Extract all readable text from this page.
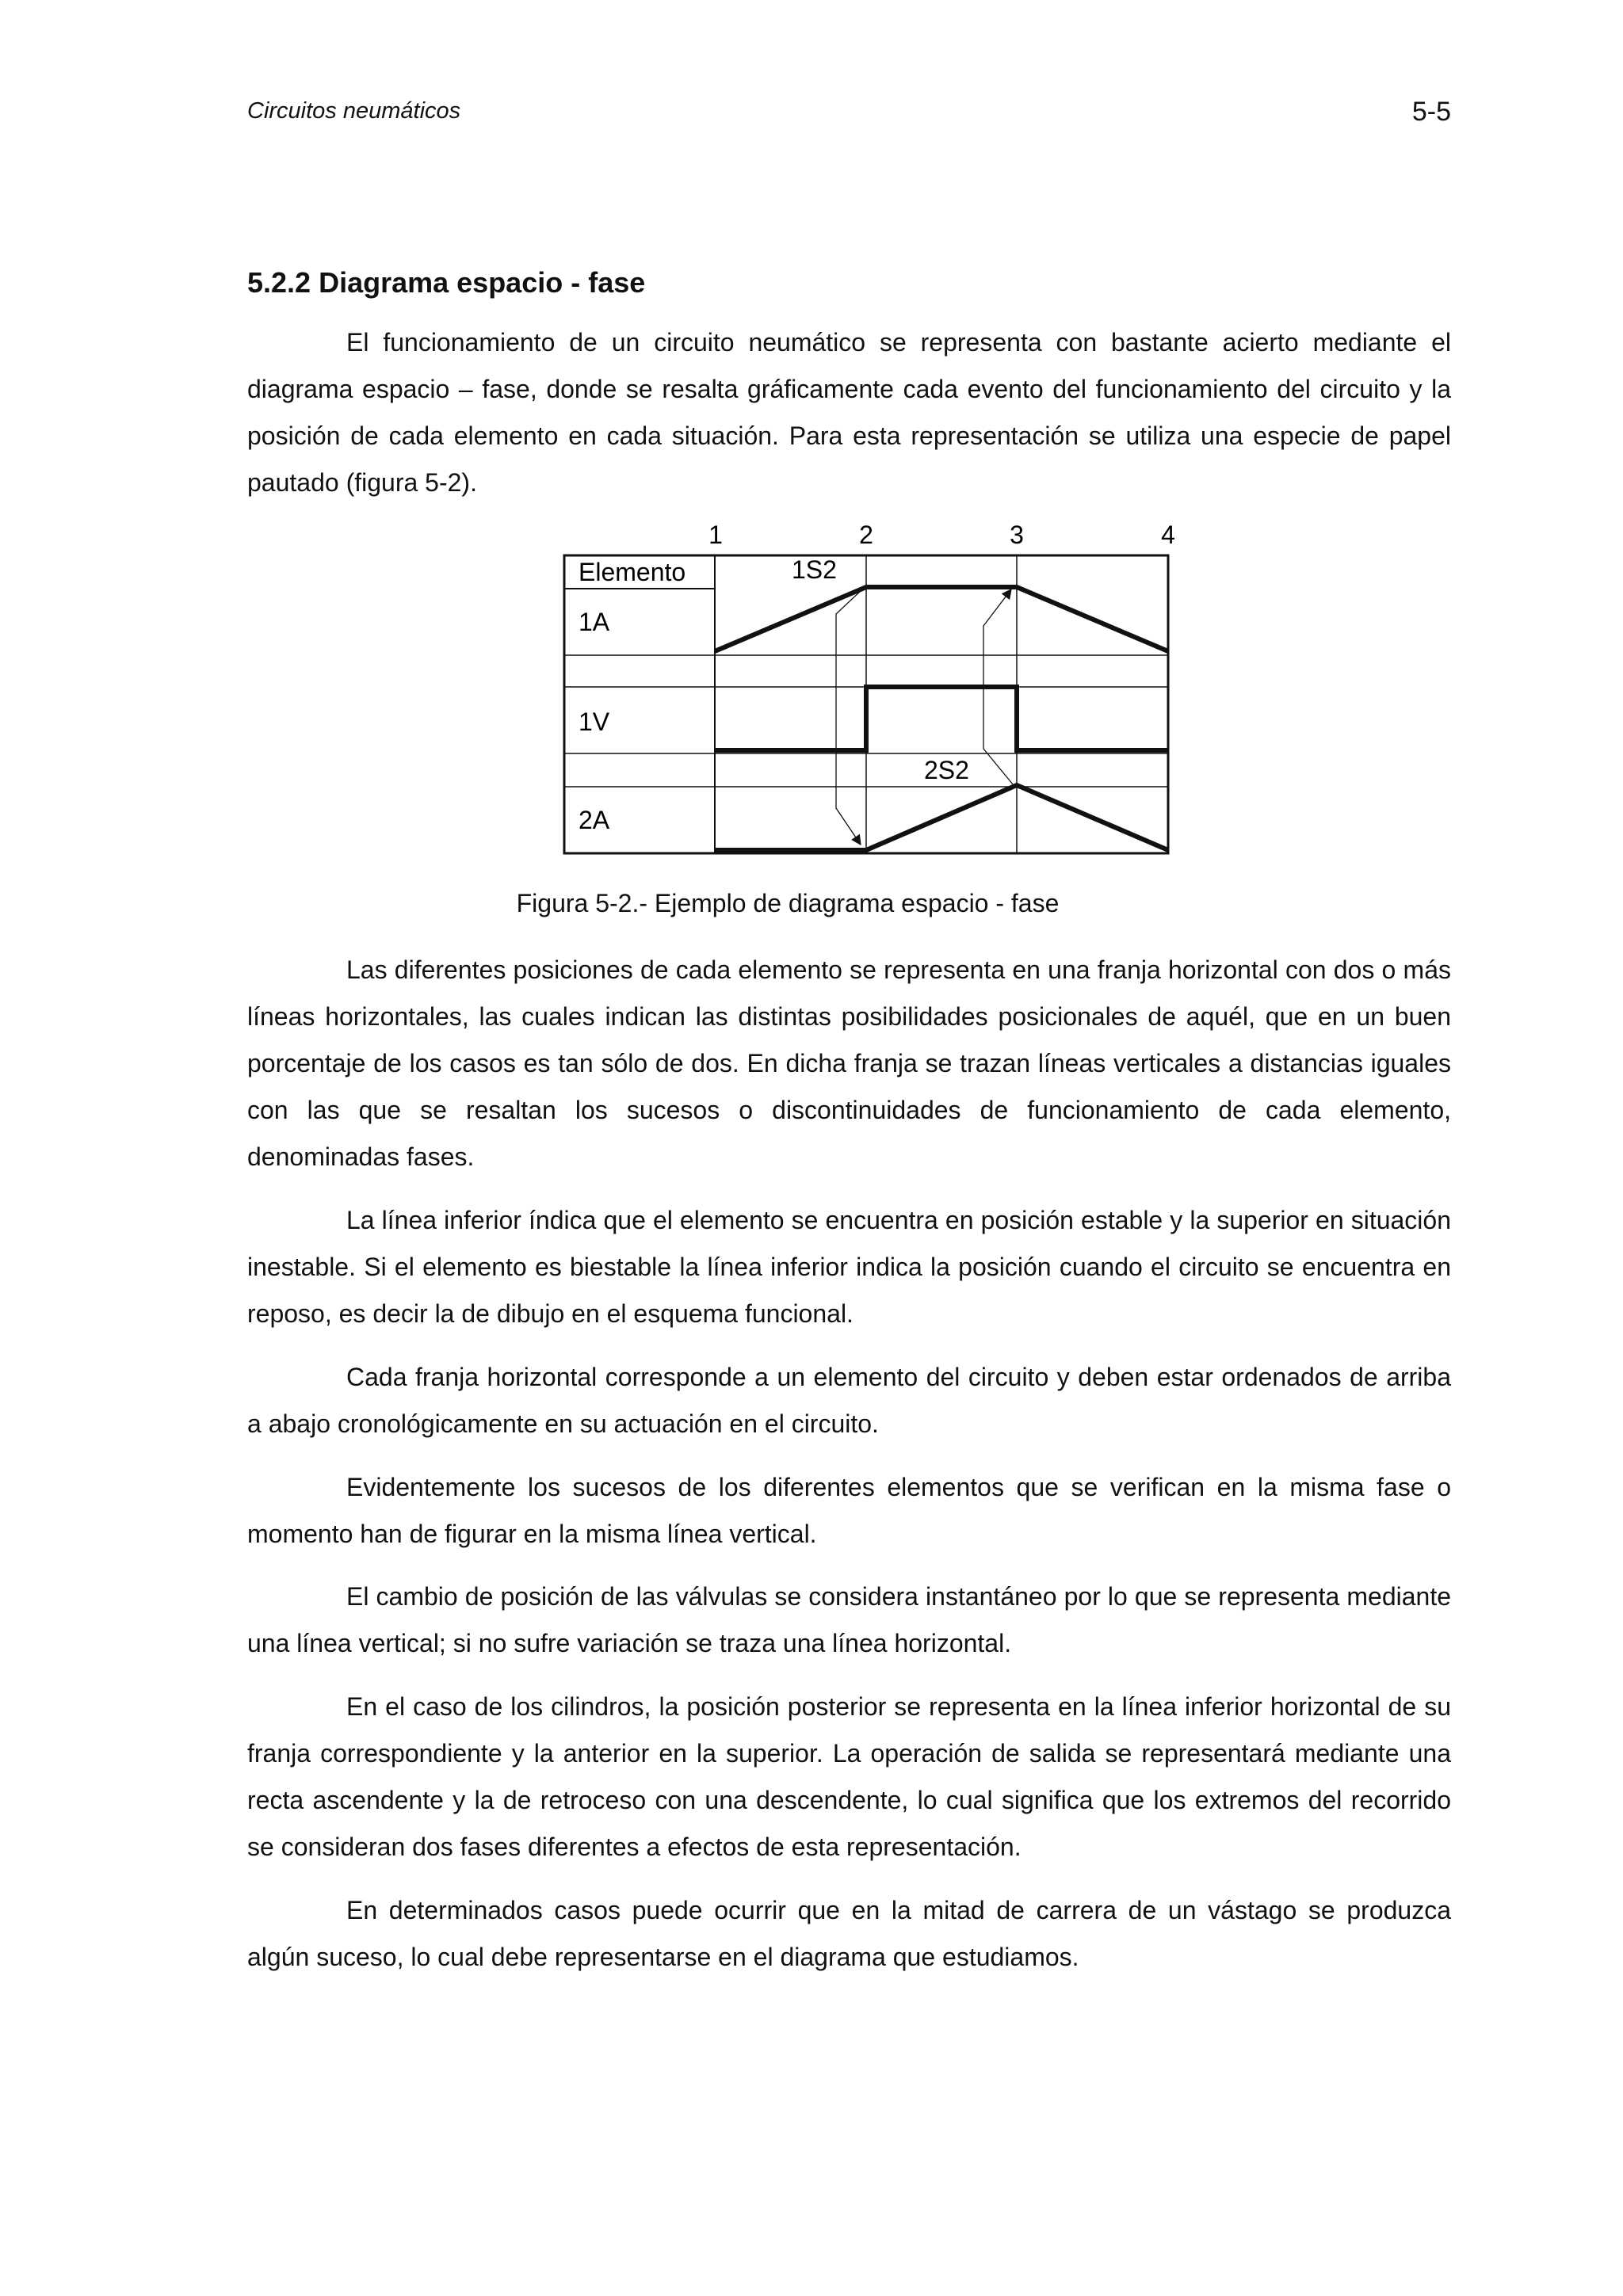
Circuitos neumáticos	5-5
5.2.2 Diagrama espacio - fase

El funcionamiento de un circuito neumático se representa con bastante acierto mediante el diagrama espacio – fase, donde se resalta gráficamente cada evento del funcionamiento del circuito y la posición de cada elemento en cada situación. Para esta representación se utiliza una especie de papel pautado (figura 5-2).

1	2	3	4
Elemento
1A
1V
2A
1S2
2S2
Figura 5-2.- Ejemplo de diagrama espacio - fase

Las diferentes posiciones de cada elemento se representa en una franja horizontal con dos o más líneas horizontales, las cuales indican las distintas posibilidades posicionales de aquél, que en un buen porcentaje de los casos es tan sólo de dos. En dicha franja se trazan líneas verticales a distancias iguales con las que se resaltan los sucesos o discontinuidades de funcionamiento de cada elemento, denominadas fases.

La línea inferior índica que el elemento se encuentra en posición estable y la superior en situación inestable. Si el elemento es biestable la línea inferior indica la posición cuando el circuito se encuentra en reposo, es decir la de dibujo en el esquema funcional.

Cada franja horizontal corresponde a un elemento del circuito y deben estar ordenados de arriba a abajo cronológicamente en su actuación en el circuito.

Evidentemente los sucesos de los diferentes elementos que se verifican en la misma fase o momento han de figurar en la misma línea vertical.

El cambio de posición de las válvulas se considera instantáneo por lo que se representa mediante una línea vertical; si no sufre variación se traza una línea horizontal.

En el caso de los cilindros, la posición posterior se representa en la línea inferior horizontal de su franja correspondiente y la anterior en la superior. La operación de salida se representará mediante una recta ascendente y la de retroceso con una descendente, lo cual significa que los extremos del recorrido se consideran dos fases diferentes a efectos de esta representación.

En determinados casos puede ocurrir que en la mitad de carrera de un vástago se produzca algún suceso, lo cual debe representarse en el diagrama que estudiamos.
